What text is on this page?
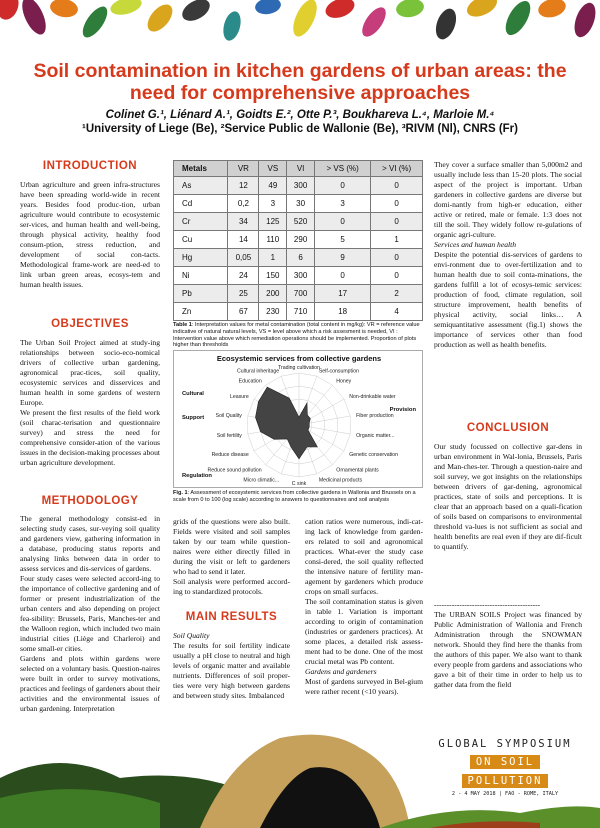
Soil contamination in kitchen gardens of urban areas: the need for comprehensive approaches
Colinet G.¹, Liénard A.¹, Goidts E.², Otte P.³, Boukhareva L.⁴, Marloie M.⁴
¹University of Liege (Be), ²Service Public de Wallonie (Be), ³RIVM (Nl), CNRS (Fr)
INTRODUCTION

Urban agriculture and green infra-structures have been spreading world-wide in recent years. Besides food produc-tion, urban agriculture would contribute to ecosystemic ser-vices, and human health and well-being, through physical activity, healthy food consum-ption, stress reduction, and development of social con-tacts. Methodological frame-work are need-ed to link urban green areas, ecosys-tem and human health issues.

OBJECTIVES

The Urban Soil Project aimed at study-ing relationships between socio-eco-nomical drivers of collective urban gardening, agronomical prac-tices, soil quality, ecosystemic services and disservices and human health in some gardens of western Europe.

We present the first results of the field work (soil charac-terisation and questionnaire survey) and stress the need for comprehensive consider-ation of the various issues in the decision-making processes about urban agriculture development.

METHODOLOGY

The general methodology consist-ed in selecting study cases, sur-veying soil quality and gardeners view, gathering information in a database, producing status reports and analysing links between data in order to assess services and dis-services of gardens.

Four study cases were selected accord-ing to the importance of collective gardening and of former or present industrialization of the urban centers and also depending on project fea-sibility: Brussels, Paris, Manches-ter and the Walloon region, which included two main industrial cities (Liège and Charleroi) and some small-er cities.

Gardens and plots within gardens were selected on a voluntary basis. Question-naires were built in order to survey motivations, practices and feelings of gardeners about their activities and the environmental issues of urban gardening. Interpretation

Metals	VR	VS	VI	> VS (%)	> VI (%)
As	12	49	300	0	0
Cd	0,2	3	30	3	0
Cr	34	125	520	0	0
Cu	14	110	290	5	1
Hg	0,05	1	6	9	0
Ni	24	150	300	0	0
Pb	25	200	700	17	2
Zn	67	230	710	18	4
Table 1: Interpretation values for metal contamination (total content in mg/kg): VR = reference value indicative of natural natural levels, VS = level above which a risk assesment is needed, VI : Intervention value above which remediation operations should be implemented. Proportion of plots higher than thresholds
Ecosystemic services from collective gardens
Trading cultivation
Self-consumption
Honey
Non-drinkable water
Fiber production
Organic matter...
Genetic conservation
Ornamental plants
Medicinal products
C sink
Micro climatic...
Reduce sound pollution
Reduce disease
Soil fertility
Soil Quality
Leasure
Education
Cultural inheritage
Cultural
Support
Regulation
Provision
Fig. 1: Assessment of ecosystemic services from collective gardens in Wallonia and Brussels on a scale from 0 to 100 (log scale) according to answers to questionnaires and soil analysis

grids of the questions were also built. Fields were visited and soil samples taken by our team while question-naires were either directly filled in during the visit or left to gardeners who had to send it later.

Soil analysis were performed accord-ing to standardized protocols.

MAIN RESULTS

Soil Quality

The results for soil fertility indicate usually a pH close to neutral and high levels of organic matter and available nutrients. Differences of soil proper-ties were very high between gardens and between study sites. Imbalanced

cation ratios were numerous, indi-cat-ing lack of knowledge from garden-ers related to soil and agronomical practices. What-ever the study case consi-dered, the soil quality reflected the intensive nature of fertility man-agement by gardeners which produce crops on small surfaces.

The soil contamination status is given in table 1. Variation is important according to origin of contamination (industries or gardeners practices). At some places, a detailed risk assess-ment had to be done. One of the most crucial metal was Pb content.

Gardens and gardeners

Most of gardens surveyed in Bel-gium were rather recent (<10 years).

They cover a surface smaller than 5,000m2 and usually include less than 15-20 plots. The social aspect of the project is important. Urban gardeners in collective gardens are diverse but domi-nantly from high-er education, either active or retired, male or female. 1:3 does not till the soil. They widely follow re-gulations of organic agri-culture.

Services and human health

Despite the potential dis-services of gardens to envi-ronment due to over-fertilization and to human health due to soil conta-minations, the gardens fulfill a lot of ecosys-temic services: production of food, climate regulation, soil structure improvement, health benefits of physical activity, social links… A semiquantitative assessment (fig.1) shows the importance of services other than food production as well as health benefits.

CONCLUSION

Our study focussed on collective gar-dens in urban environment in Wal-lonia, Brussels, Paris and Man-ches-ter. Through a question-naire and soil survey, we got insights on the relationships between drivers of gar-dening, agronomical practices, state of soils and perceptions. It is clear that an approach based on a quali-fication of soils based on comparisons to environmental threshold va-lues is not sufficient as social and health benefits are real even if they are dif-ficult to quantify.

------------------------------------------

The URBAN SOILS Project was financed by Public Administration of Wallonia and French Administration through the SNOWMAN network. Should they find here the thanks from the authors of this paper. We also want to thank every people from gardens and associations who gave a bit of their time in order to help us to gather data from the field

GLOBAL SYMPOSIUM
ON SOIL
POLLUTION
2 - 4 MAY 2018 | FAO - ROME, ITALY
